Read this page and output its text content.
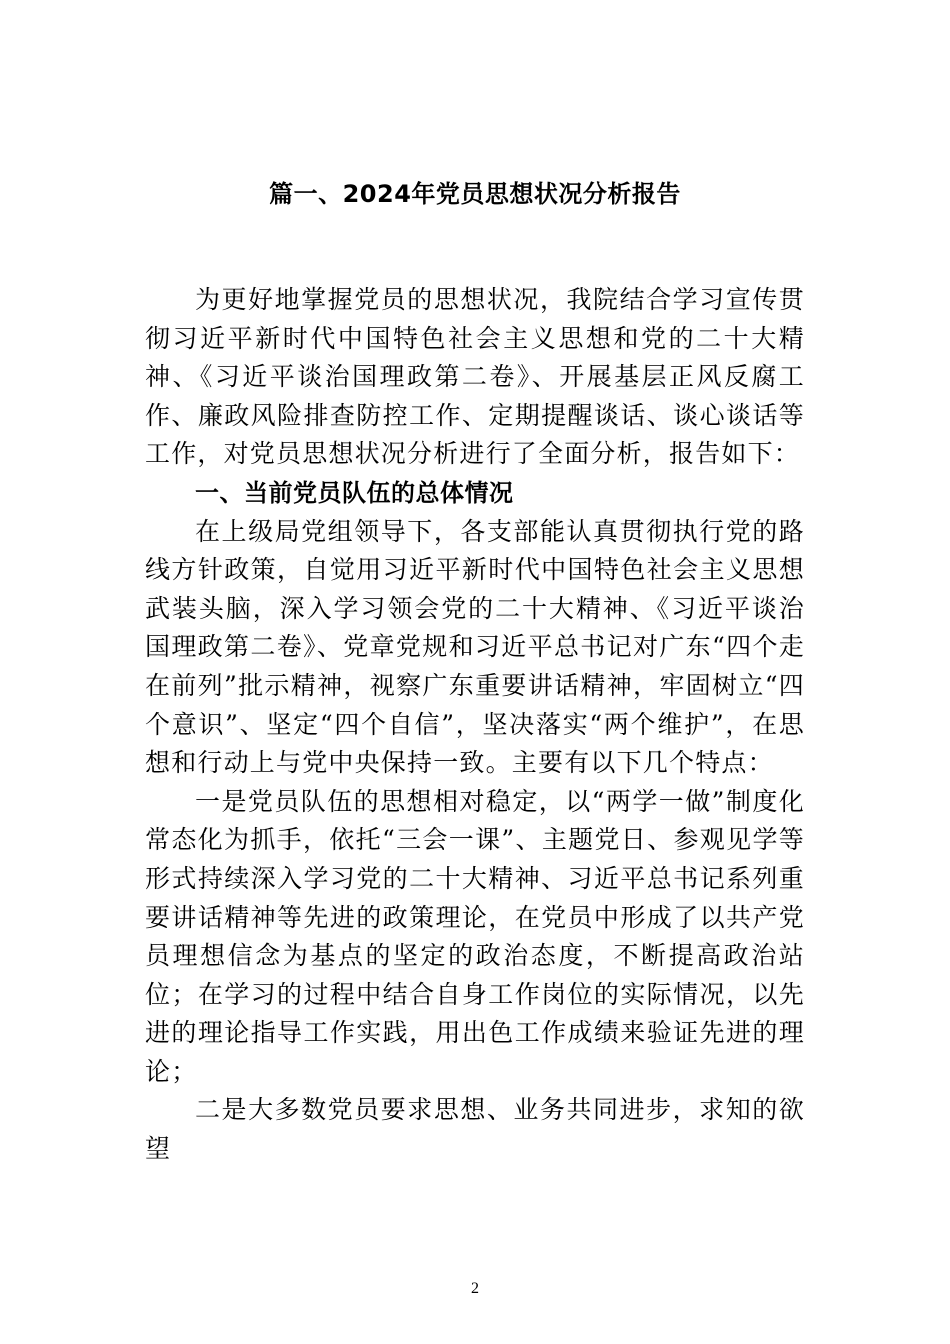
篇一、2024年党员思想状况分析报告

为更好地掌握党员的思想状况，我院结合学习宣传贯彻习近平新时代中国特色社会主义思想和党的二十大精神、《习近平谈治国理政第二卷》、开展基层正风反腐工作、廉政风险排查防控工作、定期提醒谈话、谈心谈话等工作，对党员思想状况分析进行了全面分析，报告如下：

一、当前党员队伍的总体情况

在上级局党组领导下，各支部能认真贯彻执行党的路线方针政策，自觉用习近平新时代中国特色社会主义思想武装头脑，深入学习领会党的二十大精神、《习近平谈治国理政第二卷》、党章党规和习近平总书记对广东“四个走在前列”批示精神，视察广东重要讲话精神，牢固树立“四个意识”、坚定“四个自信”，坚决落实“两个维护”，在思想和行动上与党中央保持一致。主要有以下几个特点：

一是党员队伍的思想相对稳定，以“两学一做”制度化常态化为抓手，依托“三会一课”、主题党日、参观见学等形式持续深入学习党的二十大精神、习近平总书记系列重要讲话精神等先进的政策理论，在党员中形成了以共产党员理想信念为基点的坚定的政治态度，不断提高政治站位；在学习的过程中结合自身工作岗位的实际情况，以先进的理论指导工作实践，用出色工作成绩来验证先进的理论；

二是大多数党员要求思想、业务共同进步，求知的欲望

2
